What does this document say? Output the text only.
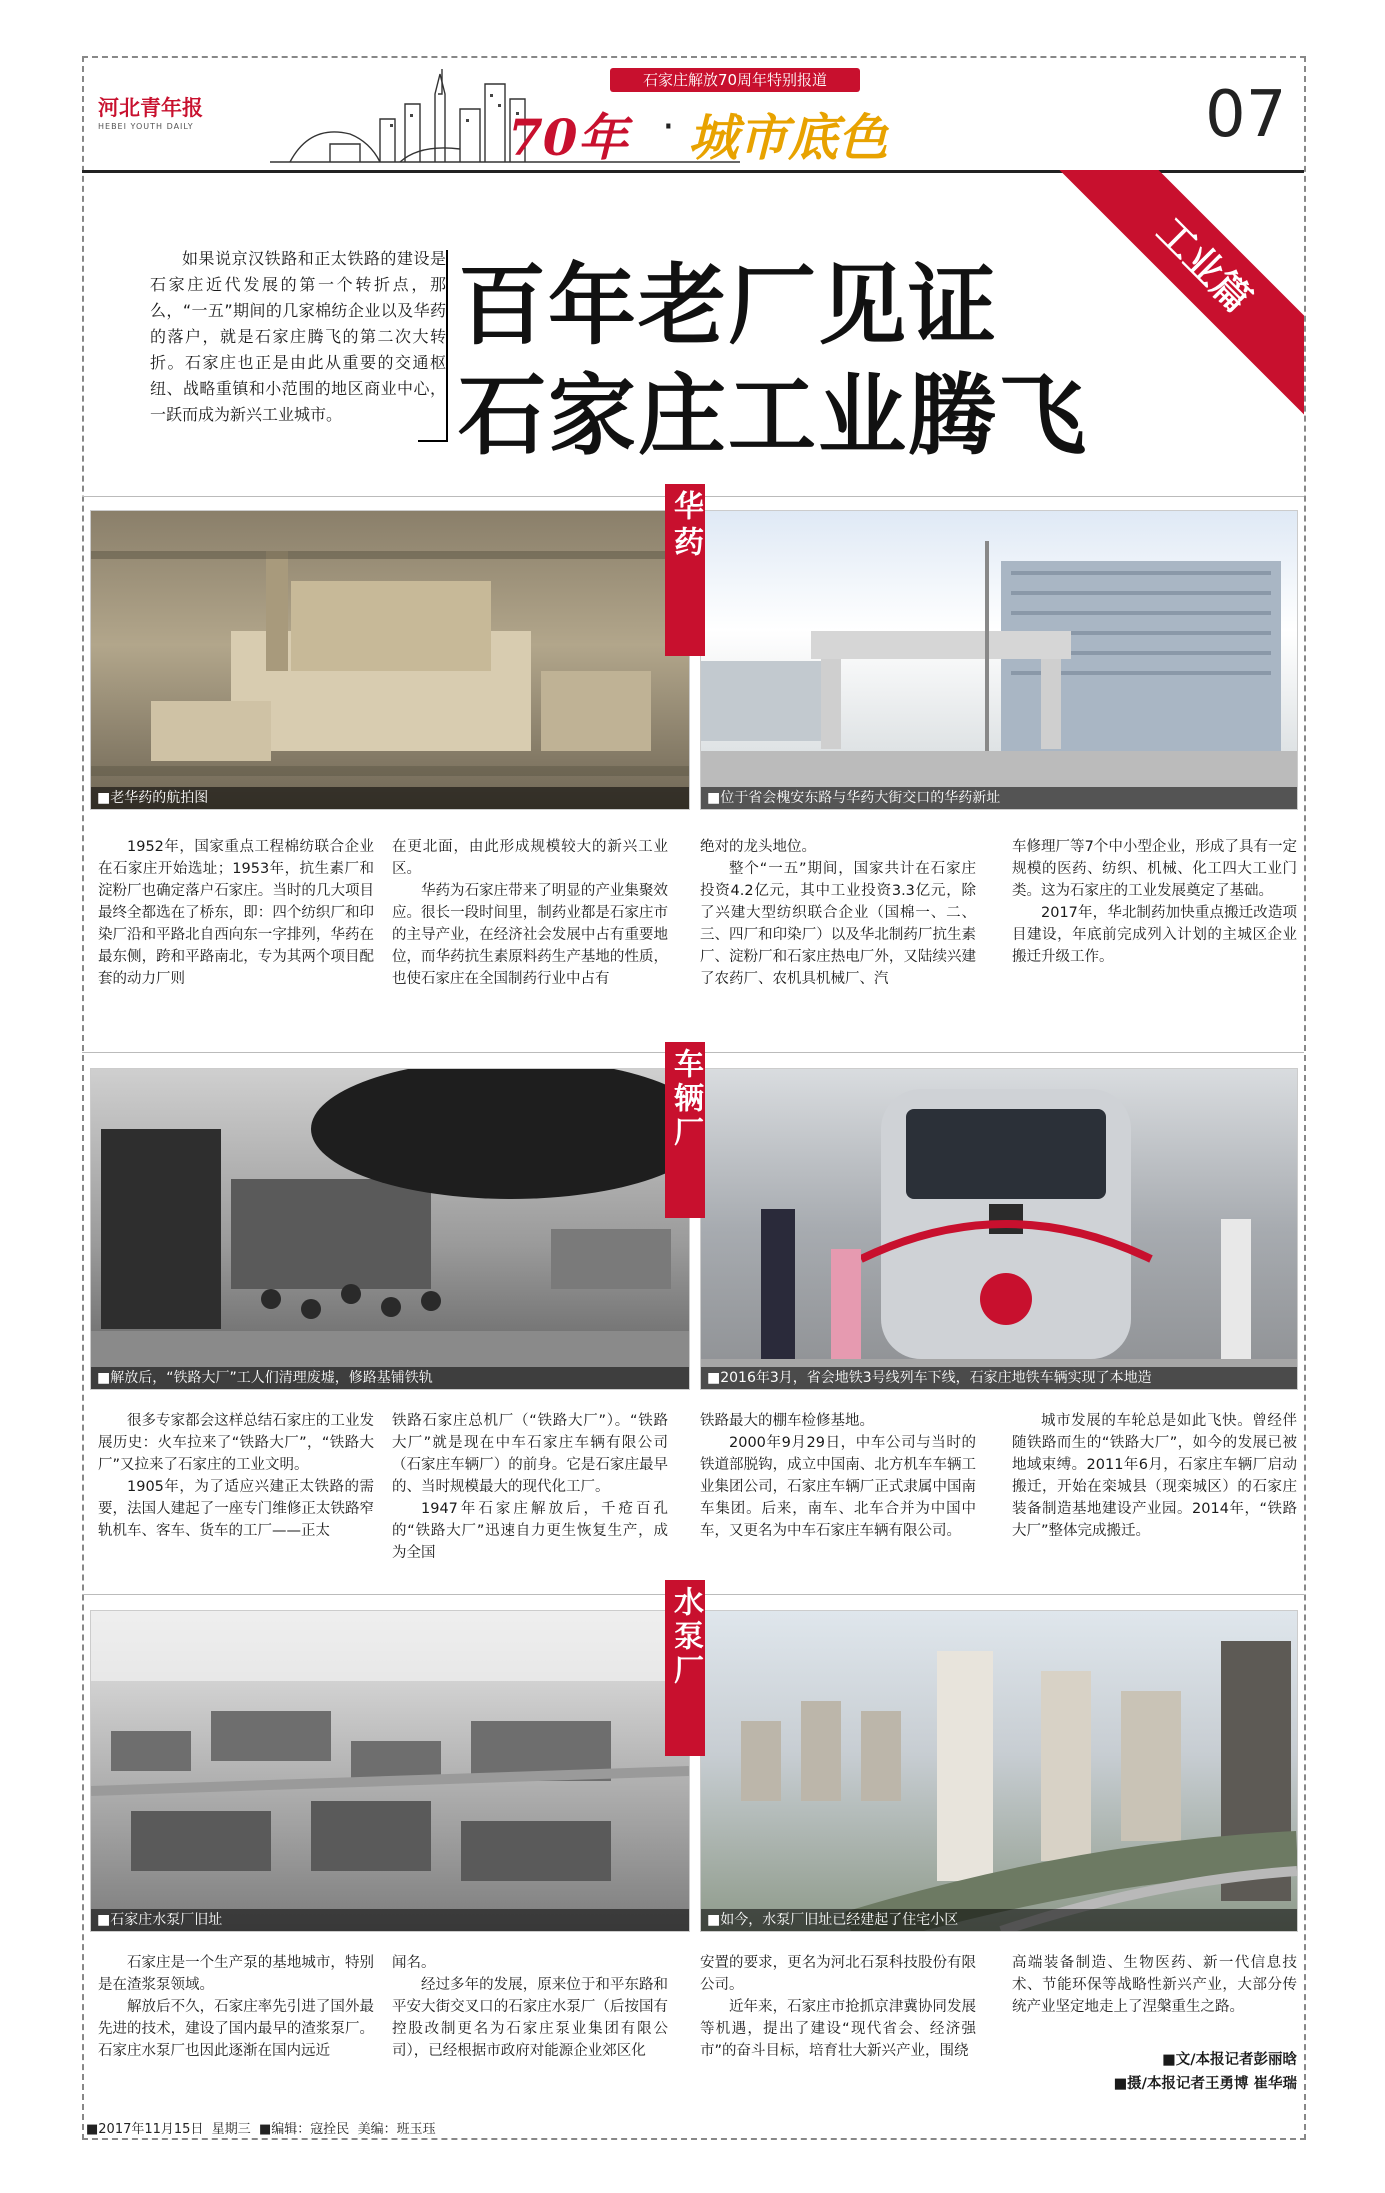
河北青年报
HEBEI YOUTH DAILY
石家庄解放70周年特别报道
70年 · 城市底色	07
工业篇
如果说京汉铁路和正太铁路的建设是石家庄近代发展的第一个转折点，那么，“一五”期间的几家棉纺企业以及华药的落户，就是石家庄腾飞的第二次大转折。石家庄也正是由此从重要的交通枢纽、战略重镇和小范围的地区商业中心，一跃而成为新兴工业城市。
百年老厂见证
石家庄工业腾飞
■老华药的航拍图	■位于省会槐安东路与华药大街交口的华药新址
华药

1952年，国家重点工程棉纺联合企业在石家庄开始选址；1953年，抗生素厂和淀粉厂也确定落户石家庄。当时的几大项目最终全都选在了桥东，即：四个纺织厂和印染厂沿和平路北自西向东一字排列，华药在最东侧，跨和平路南北，专为其两个项目配套的动力厂则

在更北面，由此形成规模较大的新兴工业区。

华药为石家庄带来了明显的产业集聚效应。很长一段时间里，制药业都是石家庄市的主导产业，在经济社会发展中占有重要地位，而华药抗生素原料药生产基地的性质，也使石家庄在全国制药行业中占有

绝对的龙头地位。

整个“一五”期间，国家共计在石家庄投资4.2亿元，其中工业投资3.3亿元，除了兴建大型纺织联合企业（国棉一、二、三、四厂和印染厂）以及华北制药厂抗生素厂、淀粉厂和石家庄热电厂外，又陆续兴建了农药厂、农机具机械厂、汽

车修理厂等7个中小型企业，形成了具有一定规模的医药、纺织、机械、化工四大工业门类。这为石家庄的工业发展奠定了基础。

2017年，华北制药加快重点搬迁改造项目建设，年底前完成列入计划的主城区企业搬迁升级工作。

■解放后，“铁路大厂”工人们清理废墟，修路基铺铁轨	■2016年3月，省会地铁3号线列车下线，石家庄地铁车辆实现了本地造
车辆厂

很多专家都会这样总结石家庄的工业发展历史：火车拉来了“铁路大厂”，“铁路大厂”又拉来了石家庄的工业文明。

1905年，为了适应兴建正太铁路的需要，法国人建起了一座专门维修正太铁路窄轨机车、客车、货车的工厂——正太

铁路石家庄总机厂（“铁路大厂”）。“铁路大厂”就是现在中车石家庄车辆有限公司（石家庄车辆厂）的前身。它是石家庄最早的、当时规模最大的现代化工厂。

1947年石家庄解放后，千疮百孔的“铁路大厂”迅速自力更生恢复生产，成为全国

铁路最大的棚车检修基地。

2000年9月29日，中车公司与当时的铁道部脱钩，成立中国南、北方机车车辆工业集团公司，石家庄车辆厂正式隶属中国南车集团。后来，南车、北车合并为中国中车，又更名为中车石家庄车辆有限公司。

城市发展的车轮总是如此飞快。曾经伴随铁路而生的“铁路大厂”，如今的发展已被地域束缚。2011年6月，石家庄车辆厂启动搬迁，开始在栾城县（现栾城区）的石家庄装备制造基地建设产业园。2014年，“铁路大厂”整体完成搬迁。

■石家庄水泵厂旧址	■如今，水泵厂旧址已经建起了住宅小区
水泵厂

石家庄是一个生产泵的基地城市，特别是在渣浆泵领域。

解放后不久，石家庄率先引进了国外最先进的技术，建设了国内最早的渣浆泵厂。石家庄水泵厂也因此逐渐在国内远近

闻名。

经过多年的发展，原来位于和平东路和平安大街交叉口的石家庄水泵厂（后按国有控股改制更名为石家庄泵业集团有限公司），已经根据市政府对能源企业郊区化

安置的要求，更名为河北石泵科技股份有限公司。

近年来，石家庄市抢抓京津冀协同发展等机遇，提出了建设“现代省会、经济强市”的奋斗目标，培育壮大新兴产业，围绕

高端装备制造、生物医药、新一代信息技术、节能环保等战略性新兴产业，大部分传统产业坚定地走上了涅槃重生之路。

■文/本报记者彭丽晗
■摄/本报记者王勇博 崔华瑞
■2017年11月15日 星期三 ■编辑：寇拴民 美编：班玉珏
